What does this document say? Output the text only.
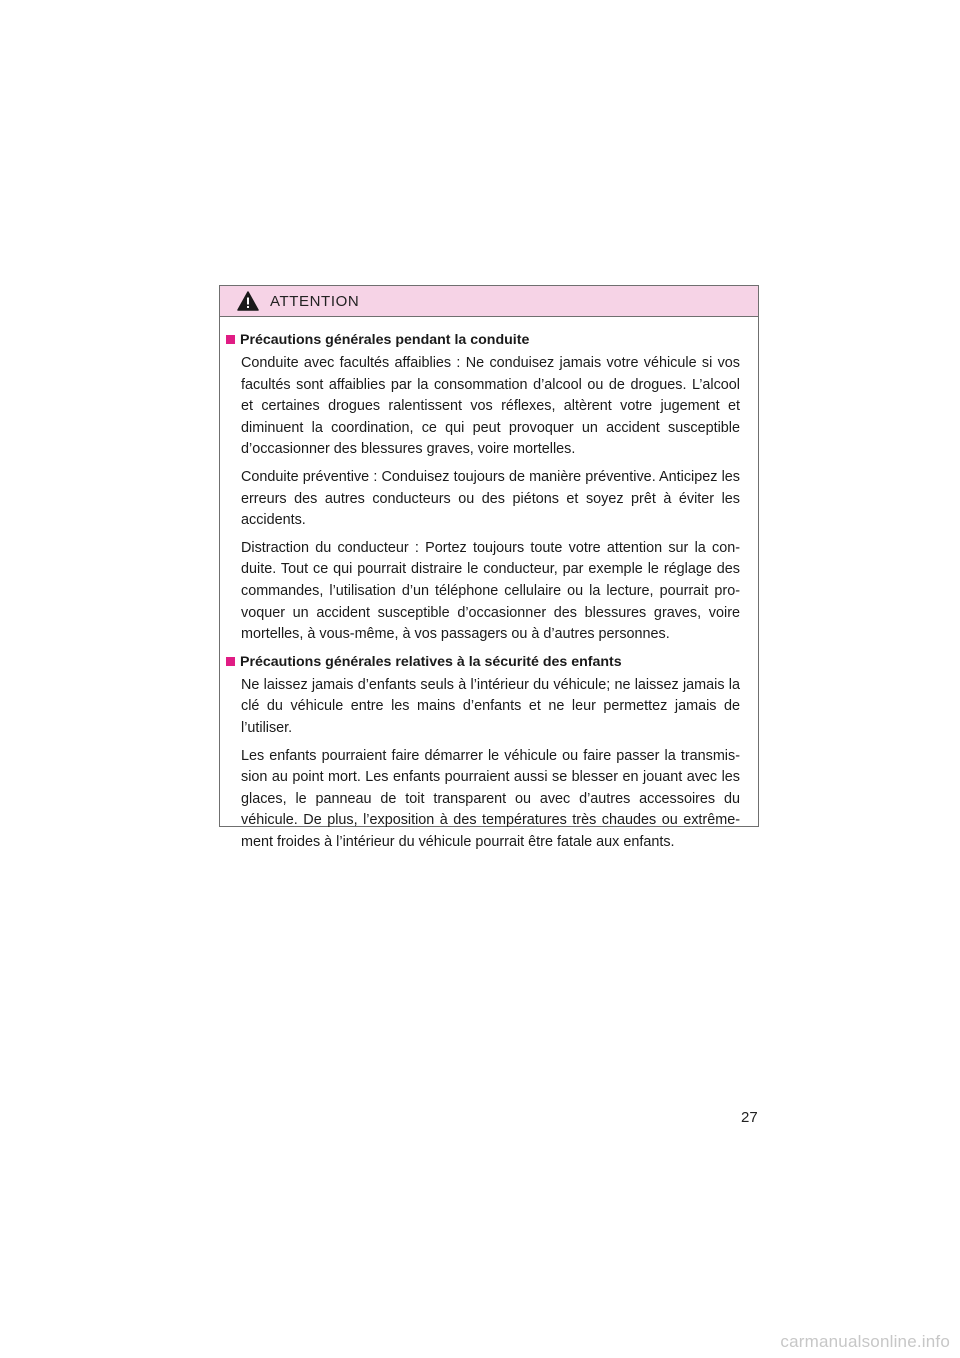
ATTENTION
Précautions générales pendant la conduite

Conduite avec facultés affaiblies : Ne conduisez jamais votre véhicule si vos facultés sont affaiblies par la consommation d’alcool ou de drogues. L’alcool et certaines drogues ralentissent vos réflexes, altèrent votre jugement et diminuent la coordination, ce qui peut provoquer un accident susceptible d’occasionner des blessures graves, voire mortelles.

Conduite préventive : Conduisez toujours de manière préventive. Anticipez les erreurs des autres conducteurs ou des piétons et soyez prêt à éviter les accidents.

Distraction du conducteur : Portez toujours toute votre attention sur la con-duite. Tout ce qui pourrait distraire le conducteur, par exemple le réglage des commandes, l’utilisation d’un téléphone cellulaire ou la lecture, pourrait pro-voquer un accident susceptible d’occasionner des blessures graves, voire mortelles, à vous-même, à vos passagers ou à d’autres personnes.

Précautions générales relatives à la sécurité des enfants

Ne laissez jamais d’enfants seuls à l’intérieur du véhicule; ne laissez jamais la clé du véhicule entre les mains d’enfants et ne leur permettez jamais de l’utiliser.

Les enfants pourraient faire démarrer le véhicule ou faire passer la transmis-sion au point mort. Les enfants pourraient aussi se blesser en jouant avec les glaces, le panneau de toit transparent ou avec d’autres accessoires du véhicule. De plus, l’exposition à des températures très chaudes ou extrême-ment froides à l’intérieur du véhicule pourrait être fatale aux enfants.

27
carmanualsonline.info
